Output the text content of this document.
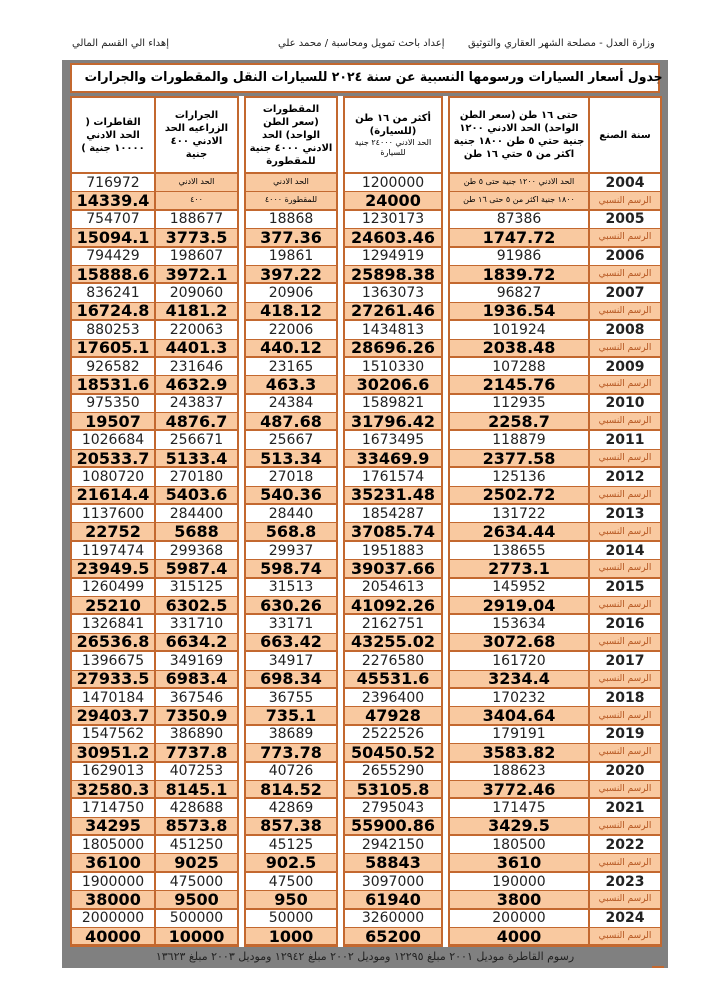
وزارة العدل - مصلحة الشهر العقاري والتوثيق
إعداد باحث تمويل ومحاسبة / محمد علي
إهداء الي القسم المالي
جدول أسعار السيارات ورسومها النسبية عن سنة ٢٠٢٤ للسيارات النقل والمقطورات والجرارات
القاطرات ( الحد الادني ١٠٠٠٠ جنية )
716972
14339.4
754707
15094.1
794429
15888.6
836241
16724.8
880253
17605.1
926582
18531.6
975350
19507
1026684
20533.7
1080720
21614.4
1137600
22752
1197474
23949.5
1260499
25210
1326841
26536.8
1396675
27933.5
1470184
29403.7
1547562
30951.2
1629013
32580.3
1714750
34295
1805000
36100
1900000
38000
2000000
40000
الجرارات الزراعيه الحد الادني ٤٠٠ جنية
الحد الادني
٤٠٠
188677
3773.5
198607
3972.1
209060
4181.2
220063
4401.3
231646
4632.9
243837
4876.7
256671
5133.4
270180
5403.6
284400
5688
299368
5987.4
315125
6302.5
331710
6634.2
349169
6983.4
367546
7350.9
386890
7737.8
407253
8145.1
428688
8573.8
451250
9025
475000
9500
500000
10000
المقطورات (سعر الطن الواحد) الحد الادني ٤٠٠٠ جنية للمقطورة
الحد الادني
للمقطورة ٤٠٠٠
18868
377.36
19861
397.22
20906
418.12
22006
440.12
23165
463.3
24384
487.68
25667
513.34
27018
540.36
28440
568.8
29937
598.74
31513
630.26
33171
663.42
34917
698.34
36755
735.1
38689
773.78
40726
814.52
42869
857.38
45125
902.5
47500
950
50000
1000
أكثر من ١٦ طن (للسيارة)
الحد الادني ٢٤٠٠٠ جنية للسيارة
1200000
24000
1230173
24603.46
1294919
25898.38
1363073
27261.46
1434813
28696.26
1510330
30206.6
1589821
31796.42
1673495
33469.9
1761574
35231.48
1854287
37085.74
1951883
39037.66
2054613
41092.26
2162751
43255.02
2276580
45531.6
2396400
47928
2522526
50450.52
2655290
53105.8
2795043
55900.86
2942150
58843
3097000
61940
3260000
65200
حتى ١٦ طن (سعر الطن الواحد) الحد الادني ١٢٠٠ جنية حتي ٥ طن ١٨٠٠ جنية اكثر من ٥ حتي ١٦ طن
الحد الادني ١٢٠٠ جنية حتى ٥ طن
١٨٠٠ جنية اكثر من ٥ حتى ١٦ طن
87386
1747.72
91986
1839.72
96827
1936.54
101924
2038.48
107288
2145.76
112935
2258.7
118879
2377.58
125136
2502.72
131722
2634.44
138655
2773.1
145952
2919.04
153634
3072.68
161720
3234.4
170232
3404.64
179191
3583.82
188623
3772.46
171475
3429.5
180500
3610
190000
3800
200000
4000
سنة الصنع
2004
الرسم النسبي
2005
الرسم النسبي
2006
الرسم النسبي
2007
الرسم النسبي
2008
الرسم النسبي
2009
الرسم النسبي
2010
الرسم النسبي
2011
الرسم النسبي
2012
الرسم النسبي
2013
الرسم النسبي
2014
الرسم النسبي
2015
الرسم النسبي
2016
الرسم النسبي
2017
الرسم النسبي
2018
الرسم النسبي
2019
الرسم النسبي
2020
الرسم النسبي
2021
الرسم النسبي
2022
الرسم النسبي
2023
الرسم النسبي
2024
الرسم النسبي
رسوم القاطرة موديل ٢٠٠١ مبلغ ١٢٢٩٥ وموديل ٢٠٠٢ مبلغ ١٢٩٤٢ وموديل ٢٠٠٣ مبلغ ١٣٦٢٣
